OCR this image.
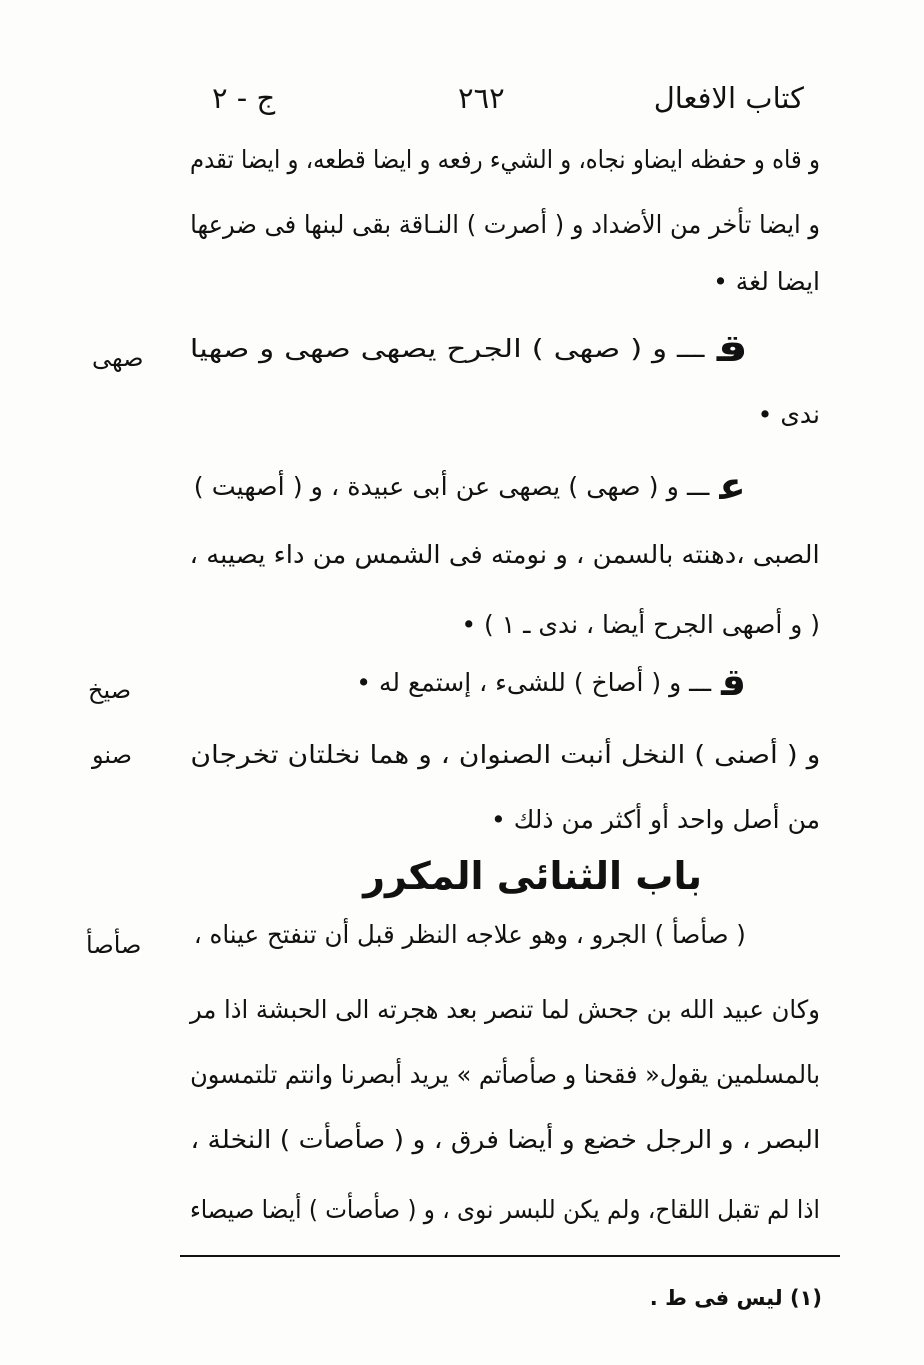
كتاب الافعال
٢٦٢
ج - ٢
صهى
صيخ
صنو
صأصأ
و قاه و حفظه ايضاو نجاه، و الشيء رفعه و ايضا قطعه، و ايضا تقدم
و ايضا تأخر من الأضداد و ( أصرت ) النـاقة بقى لبنها فى ضرعها
ايضا لغة •
قـــ و ( صهى ) الجرح يصهى صهى و صهيا
ندى •
عـــ و ( صهى ) يصهى عن أبى عبيدة ، و ( أصهيت )
الصبى ،دهنته بالسمن ، و نومته فى الشمس من داء يصيبه ،
( و أصهى الجرح أيضا ، ندى ـ ١ ) •
قـــ و ( أصاخ ) للشىء ، إستمع له •
و ( أصنى ) النخل أنبت الصنوان ، و هما نخلتان تخرجان
من أصل واحد أو أكثر من ذلك •
باب الثنائى المكرر
( صأصأ ) الجرو ، وهو علاجه النظر قبل أن تنفتح عيناه ،
وكان عبيد الله بن جحش لما تنصر بعد هجرته الى الحبشة اذا مر
بالمسلمين يقول« فقحنا و صأصأتم » يريد أبصرنا وانتم تلتمسون
البصر ، و الرجل خضع و أيضا فرق ، و ( صأصأت ) النخلة ،
اذا لم تقبل اللقاح، ولم يكن للبسر نوى ، و ( صأصأت ) أيضا صيصاء
(١) ليس فى ط .
